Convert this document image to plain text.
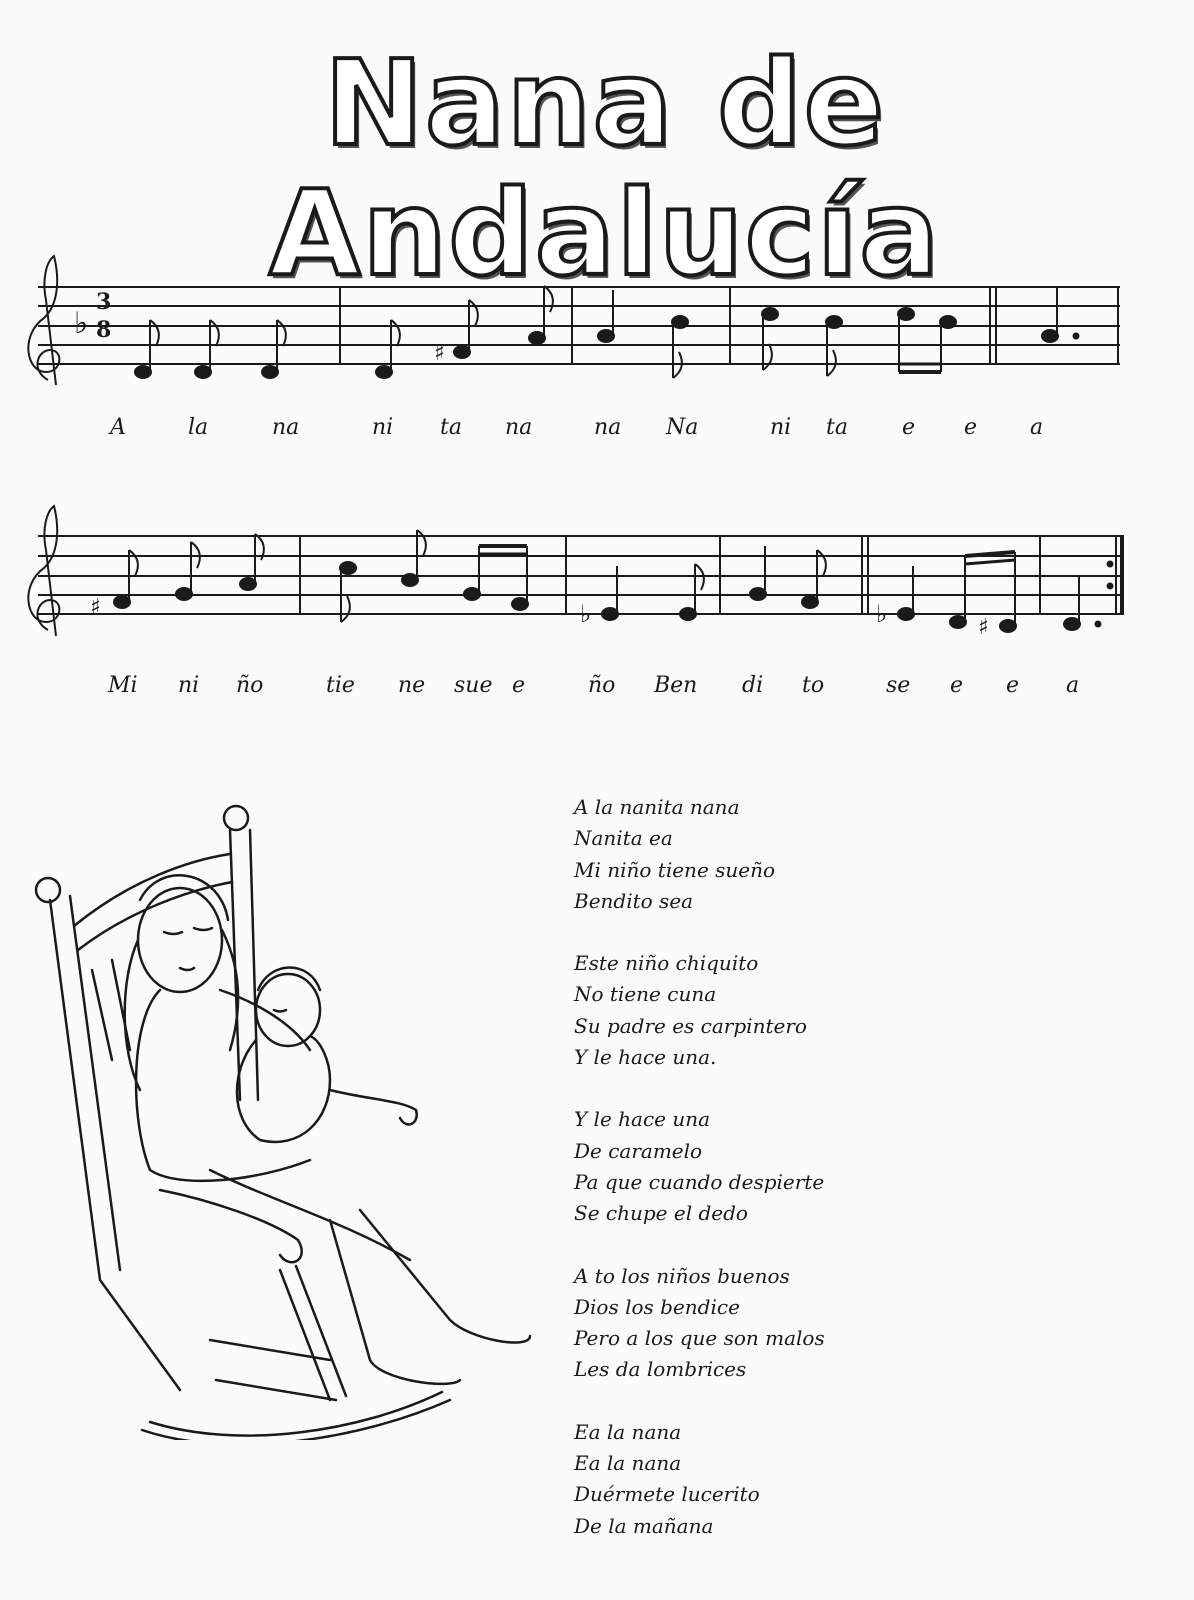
Nana de Andalucía
♭
3
8
♯
♯	♭	♭	♯
A	la	na	ni ta na	na Na	ni ta e e a
Mi ni ño	tie ne sue e	ño Ben di to	se e e a
A la nanita nana
Nanita ea
Mi niño tiene sueño
Bendito sea
Este niño chiquito
No tiene cuna
Su padre es carpintero
Y le hace una.
Y le hace una
De caramelo
Pa que cuando despierte
Se chupe el dedo
A to los niños buenos
Dios los bendice
Pero a los que son malos
Les da lombrices
Ea la nana
Ea la nana
Duérmete lucerito
De la mañana
